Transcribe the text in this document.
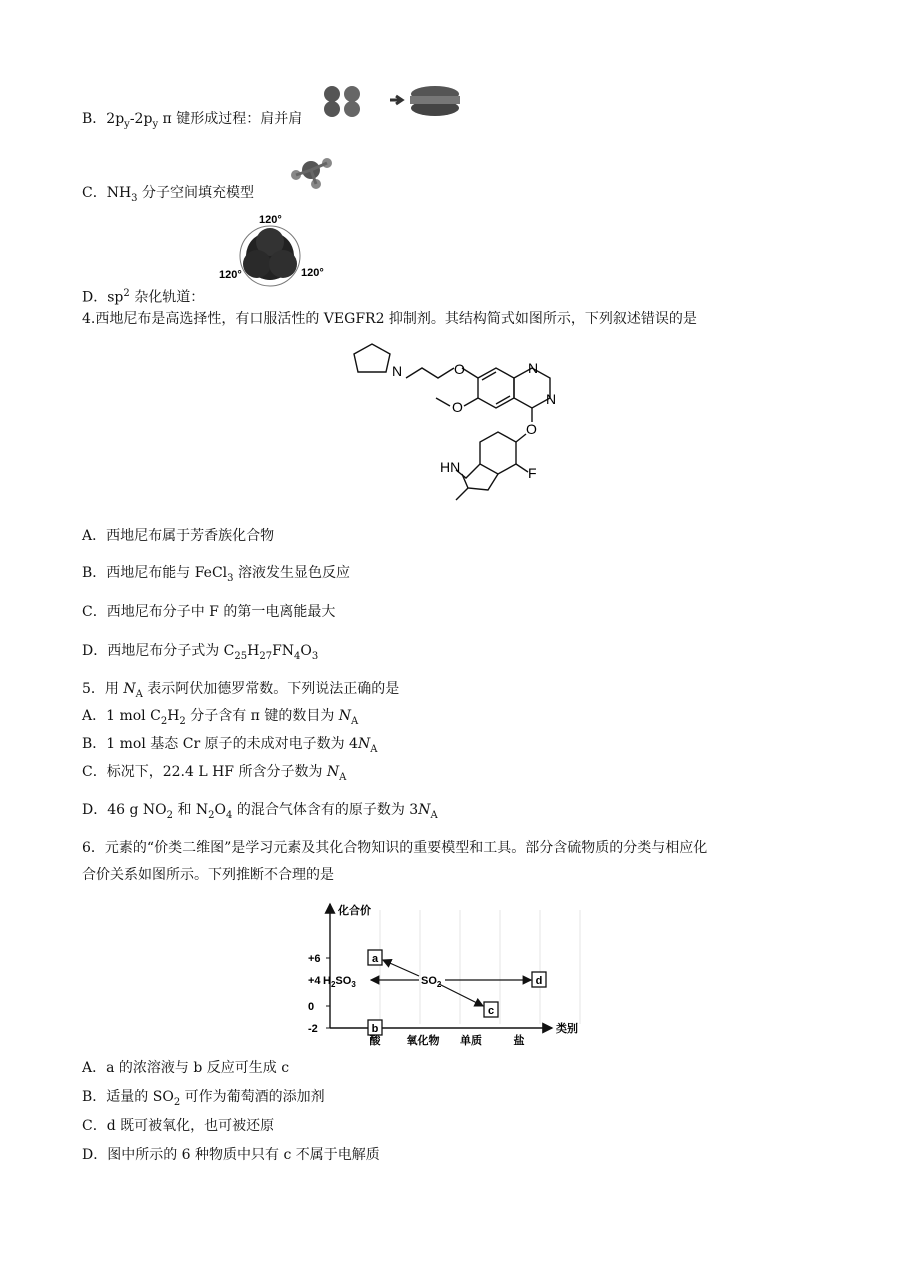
B．$2p_y-2p_y$ π 键形成过程：肩并肩
C．$NH_3$ 分子空间填充模型
D．$sp^2$ 杂化轨道：
120°
120°	120°
4.西地尼布是高选择性，有口服活性的 VEGFR2 抑制剂。其结构简式如图所示，下列叙述错误的是
N	O
O
N
N
O
HN	F
A．西地尼布属于芳香族化合物
B．西地尼布能与 FeCl$_3$ 溶液发生显色反应
C．西地尼布分子中 F 的第一电离能最大
D．西地尼布分子式为 $C_{25}H_{27}FN_4O_3$
5．用 $N_A$ 表示阿伏加德罗常数。下列说法正确的是
A．1 mol $C_2H_2$ 分子含有 π 键的数目为 $N_A$
B．1 mol 基态 Cr 原子的未成对电子数为 $4N_A$
C．标况下，22.4 L HF 所含分子数为 $N_A$
D．46 g $NO_2$ 和 $N_2O_4$ 的混合气体含有的原子数为 $3N_A$
6．元素的“价类二维图”是学习元素及其化合物知识的重要模型和工具。部分含硫物质的分类与相应化
合价关系如图所示。下列推断不合理的是
化合价
类别
+6
+4
0
-2
酸 氧化物 单质	盐
a
$H_2SO_3$	$SO_2$
c
d
b
A．a 的浓溶液与 b 反应可生成 c
B．适量的 $SO_2$ 可作为葡萄酒的添加剂
C．d 既可被氧化，也可被还原
D．图中所示的 6 种物质中只有 c 不属于电解质
